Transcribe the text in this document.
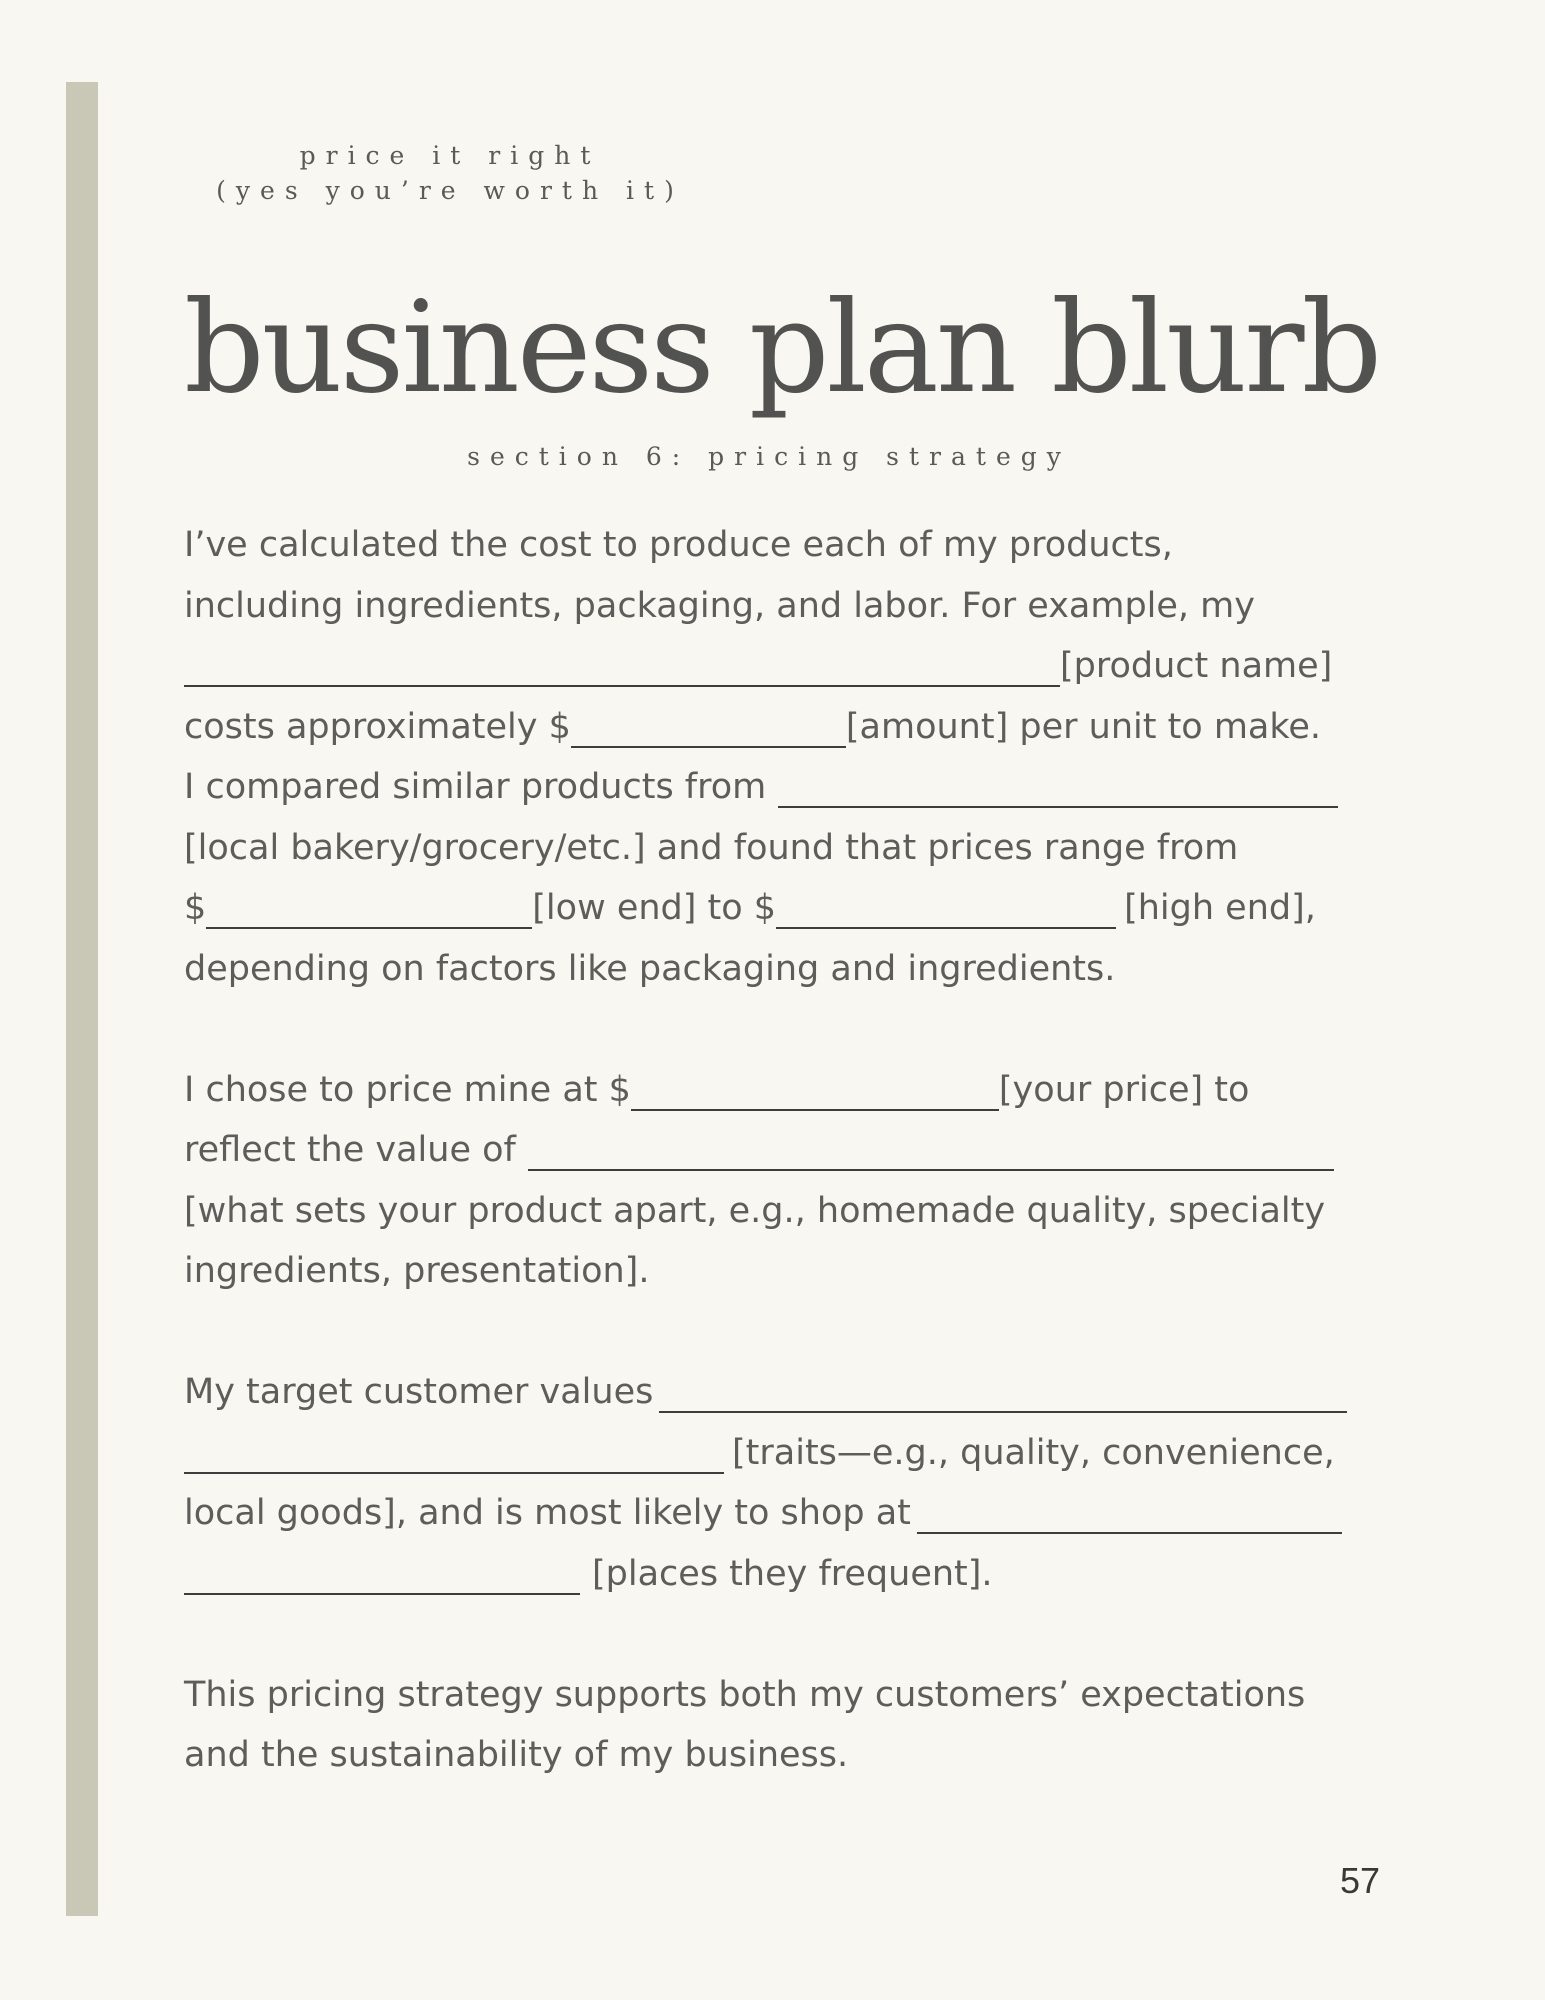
price it right
(yes you’re worth it)
business plan blurb
section 6: pricing strategy

I’ve calculated the cost to produce each of my products,
including ingredients, packaging, and labor. For example, my
[product name]
costs approximately $	[amount] per unit to make.
I compared similar products from
[local bakery/grocery/etc.] and found that prices range from
$	[low end] to $	[high end],
depending on factors like packaging and ingredients.

I chose to price mine at $	[your price] to
reflect the value of
[what sets your product apart, e.g., homemade quality, specialty
ingredients, presentation].

My target customer values
[traits—e.g., quality, convenience,
local goods], and is most likely to shop at
[places they frequent].

This pricing strategy supports both my customers’ expectations
and the sustainability of my business.

57
